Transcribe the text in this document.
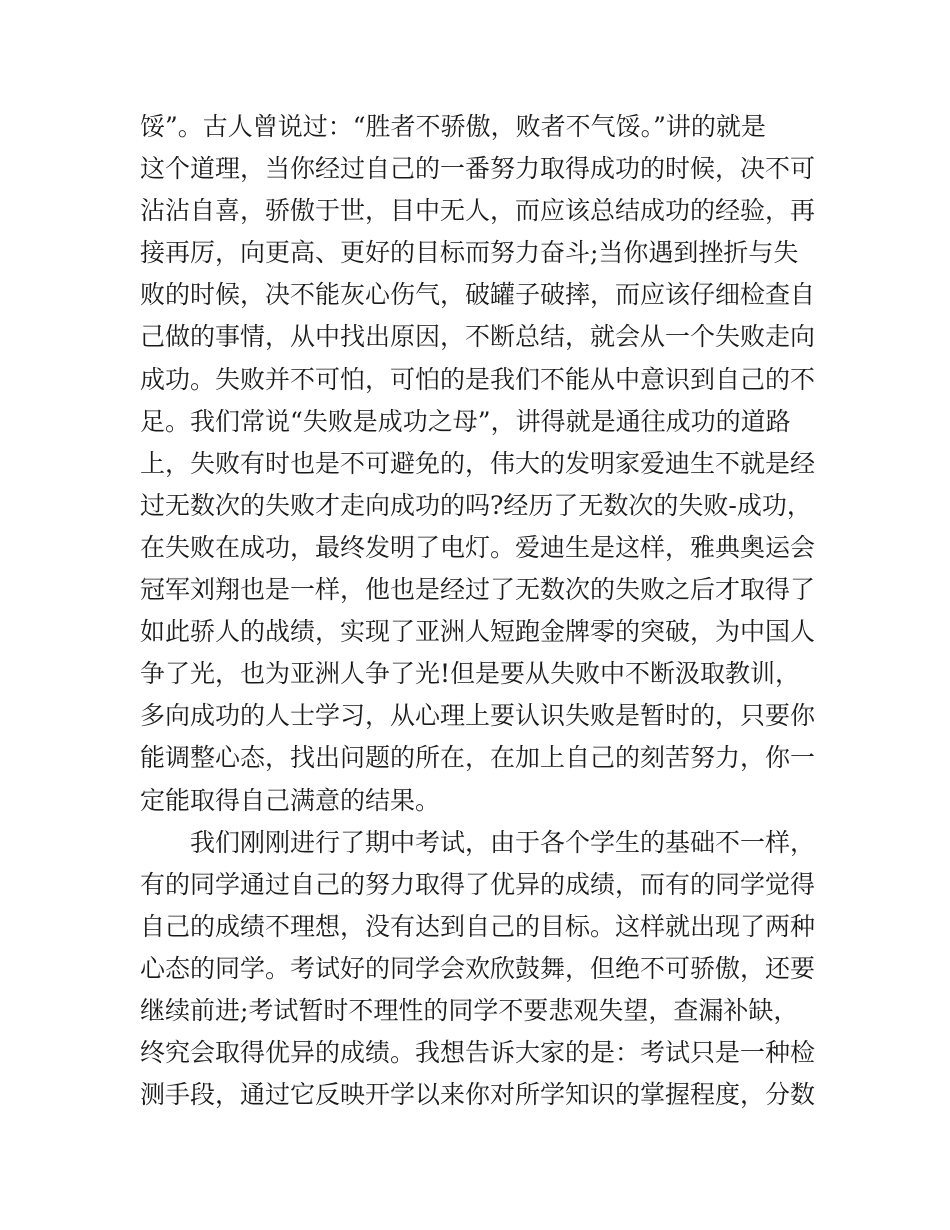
馁”。古人曾说过：“胜者不骄傲，败者不气馁。”讲的就是
这个道理，当你经过自己的一番努力取得成功的时候，决不可
沾沾自喜，骄傲于世，目中无人，而应该总结成功的经验，再
接再厉，向更高、更好的目标而努力奋斗;当你遇到挫折与失
败的时候，决不能灰心伤气，破罐子破摔，而应该仔细检查自
己做的事情，从中找出原因，不断总结，就会从一个失败走向
成功。失败并不可怕，可怕的是我们不能从中意识到自己的不
足。我们常说“失败是成功之母”，讲得就是通往成功的道路
上，失败有时也是不可避免的，伟大的发明家爱迪生不就是经
过无数次的失败才走向成功的吗?经历了无数次的失败-成功，
在失败在成功，最终发明了电灯。爱迪生是这样，雅典奥运会
冠军刘翔也是一样，他也是经过了无数次的失败之后才取得了
如此骄人的战绩，实现了亚洲人短跑金牌零的突破，为中国人
争了光，也为亚洲人争了光!但是要从失败中不断汲取教训，
多向成功的人士学习，从心理上要认识失败是暂时的，只要你
能调整心态，找出问题的所在，在加上自己的刻苦努力，你一
定能取得自己满意的结果。
　　我们刚刚进行了期中考试，由于各个学生的基础不一样，
有的同学通过自己的努力取得了优异的成绩，而有的同学觉得
自己的成绩不理想，没有达到自己的目标。这样就出现了两种
心态的同学。考试好的同学会欢欣鼓舞，但绝不可骄傲，还要
继续前进;考试暂时不理性的同学不要悲观失望，查漏补缺，
终究会取得优异的成绩。我想告诉大家的是：考试只是一种检
测手段，通过它反映开学以来你对所学知识的掌握程度，分数
